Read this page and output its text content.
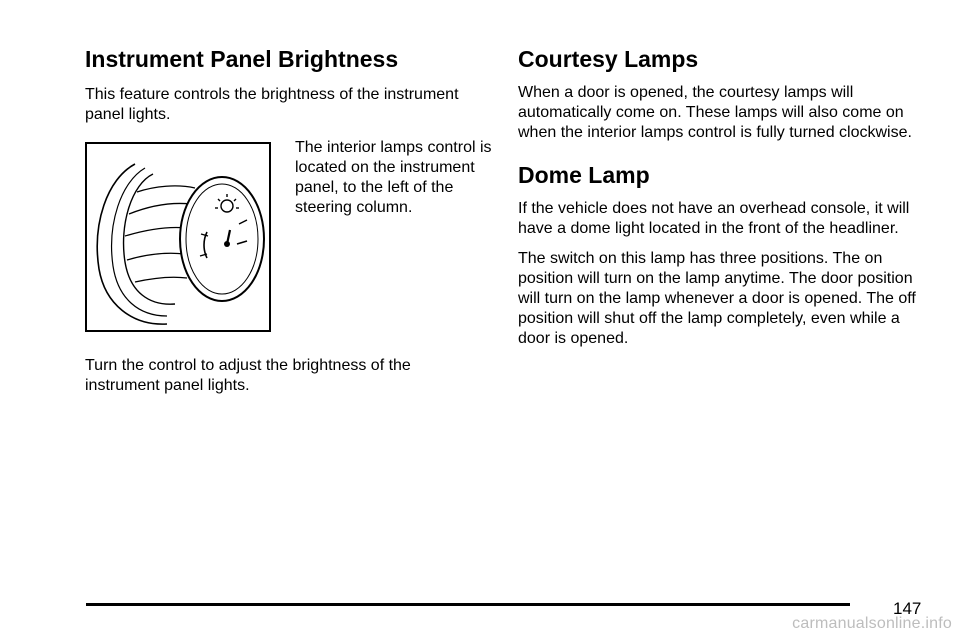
Instrument Panel Brightness

This feature controls the brightness of the instrument panel lights.

The interior lamps control is located on the instrument panel, to the left of the steering column.

Turn the control to adjust the brightness of the instrument panel lights.

Courtesy Lamps

When a door is opened, the courtesy lamps will automatically come on. These lamps will also come on when the interior lamps control is fully turned clockwise.

Dome Lamp

If the vehicle does not have an overhead console, it will have a dome light located in the front of the headliner.

The switch on this lamp has three positions. The on position will turn on the lamp anytime. The door position will turn on the lamp whenever a door is opened. The off position will shut off the lamp completely, even while a door is opened.

147
carmanualsonline.info
